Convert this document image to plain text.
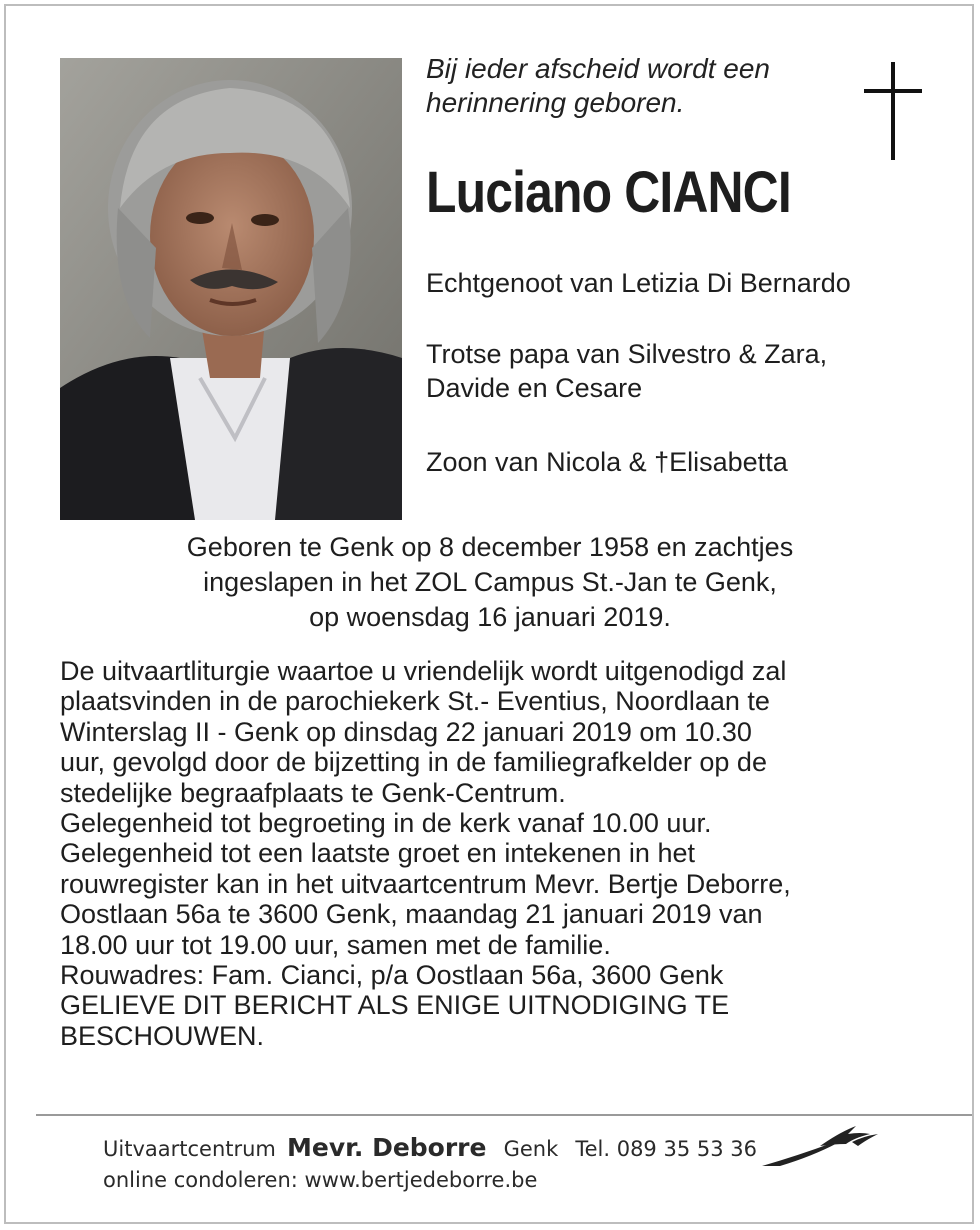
Bij ieder afscheid wordt een
herinnering geboren.
Luciano CIANCI
Echtgenoot van Letizia Di Bernardo
Trotse papa van Silvestro & Zara,
Davide en Cesare
Zoon van Nicola & †Elisabetta
Geboren te Genk op 8 december 1958 en zachtjes
ingeslapen in het ZOL Campus St.-Jan te Genk,
op woensdag 16 januari 2019.
De uitvaartliturgie waartoe u vriendelijk wordt uitgenodigd zal
plaatsvinden in de parochiekerk St.- Eventius, Noordlaan te
Winterslag II - Genk op dinsdag 22 januari 2019 om 10.30
uur, gevolgd door de bijzetting in de familiegrafkelder op de
stedelijke begraafplaats te Genk-Centrum.
Gelegenheid tot begroeting in de kerk vanaf 10.00 uur.
Gelegenheid tot een laatste groet en intekenen in het
rouwregister kan in het uitvaartcentrum Mevr. Bertje Deborre,
Oostlaan 56a te 3600 Genk, maandag 21 januari 2019 van
18.00 uur tot 19.00 uur, samen met de familie.
Rouwadres: Fam. Cianci, p/a Oostlaan 56a, 3600 Genk
GELIEVE DIT BERICHT ALS ENIGE UITNODIGING TE
BESCHOUWEN.
Uitvaartcentrum Mevr. Deborre Genk Tel. 089 35 53 36
online condoleren: www.bertjedeborre.be
